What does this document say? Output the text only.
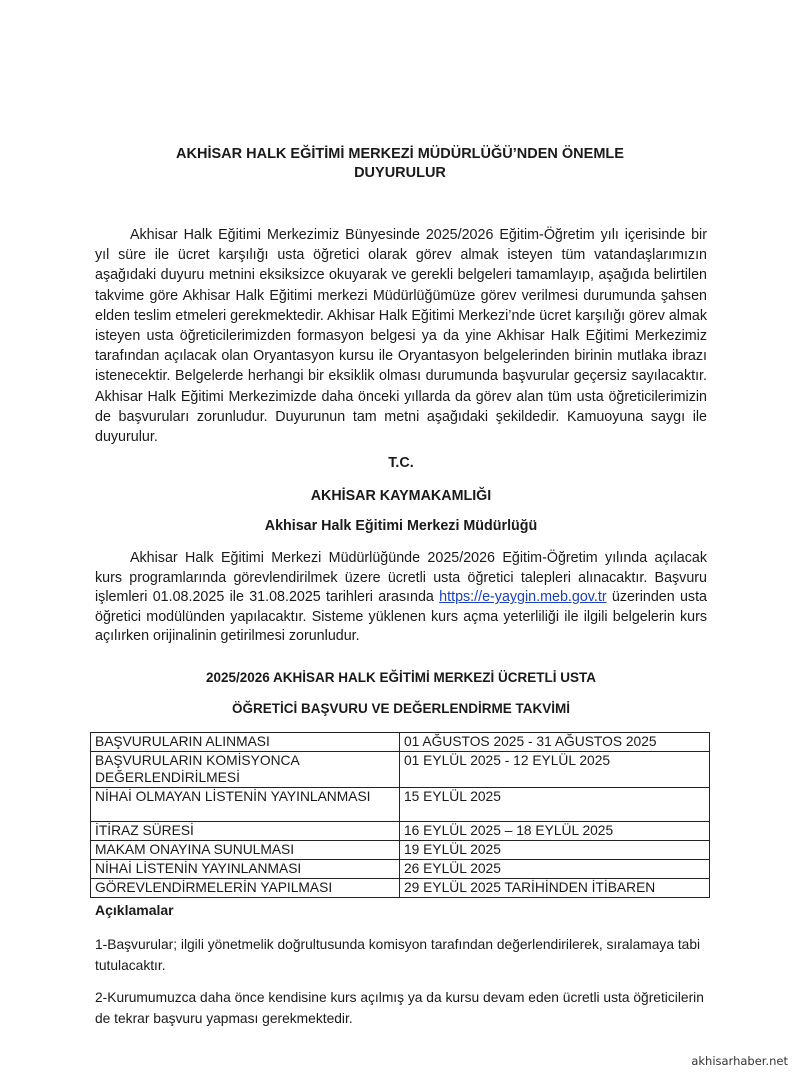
AKHİSAR HALK EĞİTİMİ MERKEZİ MÜDÜRLÜĞÜ’NDEN ÖNEMLE
DUYURULUR
Akhisar Halk Eğitimi Merkezimiz Bünyesinde 2025/2026 Eğitim-Öğretim yılı içerisinde bir yıl süre ile ücret karşılığı usta öğretici olarak görev almak isteyen tüm vatandaşlarımızın aşağıdaki duyuru metnini eksiksizce okuyarak ve gerekli belgeleri tamamlayıp, aşağıda belirtilen takvime göre Akhisar Halk Eğitimi merkezi Müdürlüğümüze görev verilmesi durumunda şahsen elden teslim etmeleri gerekmektedir. Akhisar Halk Eğitimi Merkezi’nde ücret karşılığı görev almak isteyen usta öğreticilerimizden formasyon belgesi ya da yine Akhisar Halk Eğitimi Merkezimiz tarafından açılacak olan Oryantasyon kursu ile Oryantasyon belgelerinden birinin mutlaka ibrazı istenecektir. Belgelerde herhangi bir eksiklik olması durumunda başvurular geçersiz sayılacaktır. Akhisar Halk Eğitimi Merkezimizde daha önceki yıllarda da görev alan tüm usta öğreticilerimizin de başvuruları zorunludur. Duyurunun tam metni aşağıdaki şekildedir. Kamuoyuna saygı ile duyurulur.
T.C.
AKHİSAR KAYMAKAMLIĞI
Akhisar Halk Eğitimi Merkezi Müdürlüğü
Akhisar Halk Eğitimi Merkezi Müdürlüğünde 2025/2026 Eğitim-Öğretim yılında açılacak kurs programlarında görevlendirilmek üzere ücretli usta öğretici talepleri alınacaktır. Başvuru işlemleri 01.08.2025 ile 31.08.2025 tarihleri arasında https://e-yaygin.meb.gov.tr üzerinden usta öğretici modülünden yapılacaktır. Sisteme yüklenen kurs açma yeterliliği ile ilgili belgelerin kurs açılırken orijinalinin getirilmesi zorunludur.
2025/2026 AKHİSAR HALK EĞİTİMİ MERKEZİ ÜCRETLİ USTA
ÖĞRETİCİ BAŞVURU VE DEĞERLENDİRME TAKVİMİ
BAŞVURULARIN ALINMASI	01 AĞUSTOS 2025 - 31 AĞUSTOS 2025
BAŞVURULARIN KOMİSYONCA DEĞERLENDİRİLMESİ	01 EYLÜL 2025 - 12 EYLÜL 2025
NİHAİ OLMAYAN LİSTENİN YAYINLANMASI	15 EYLÜL 2025
İTİRAZ SÜRESİ	16 EYLÜL 2025 – 18 EYLÜL 2025
MAKAM ONAYINA SUNULMASI	19 EYLÜL 2025
NİHAİ LİSTENİN YAYINLANMASI	26 EYLÜL 2025
GÖREVLENDİRMELERİN YAPILMASI	29 EYLÜL 2025 TARİHİNDEN İTİBAREN
Açıklamalar
1-Başvurular; ilgili yönetmelik doğrultusunda komisyon tarafından değerlendirilerek, sıralamaya tabi tutulacaktır.
2-Kurumumuzca daha önce kendisine kurs açılmış ya da kursu devam eden ücretli usta öğreticilerin de tekrar başvuru yapması gerekmektedir.
akhisarhaber.net
